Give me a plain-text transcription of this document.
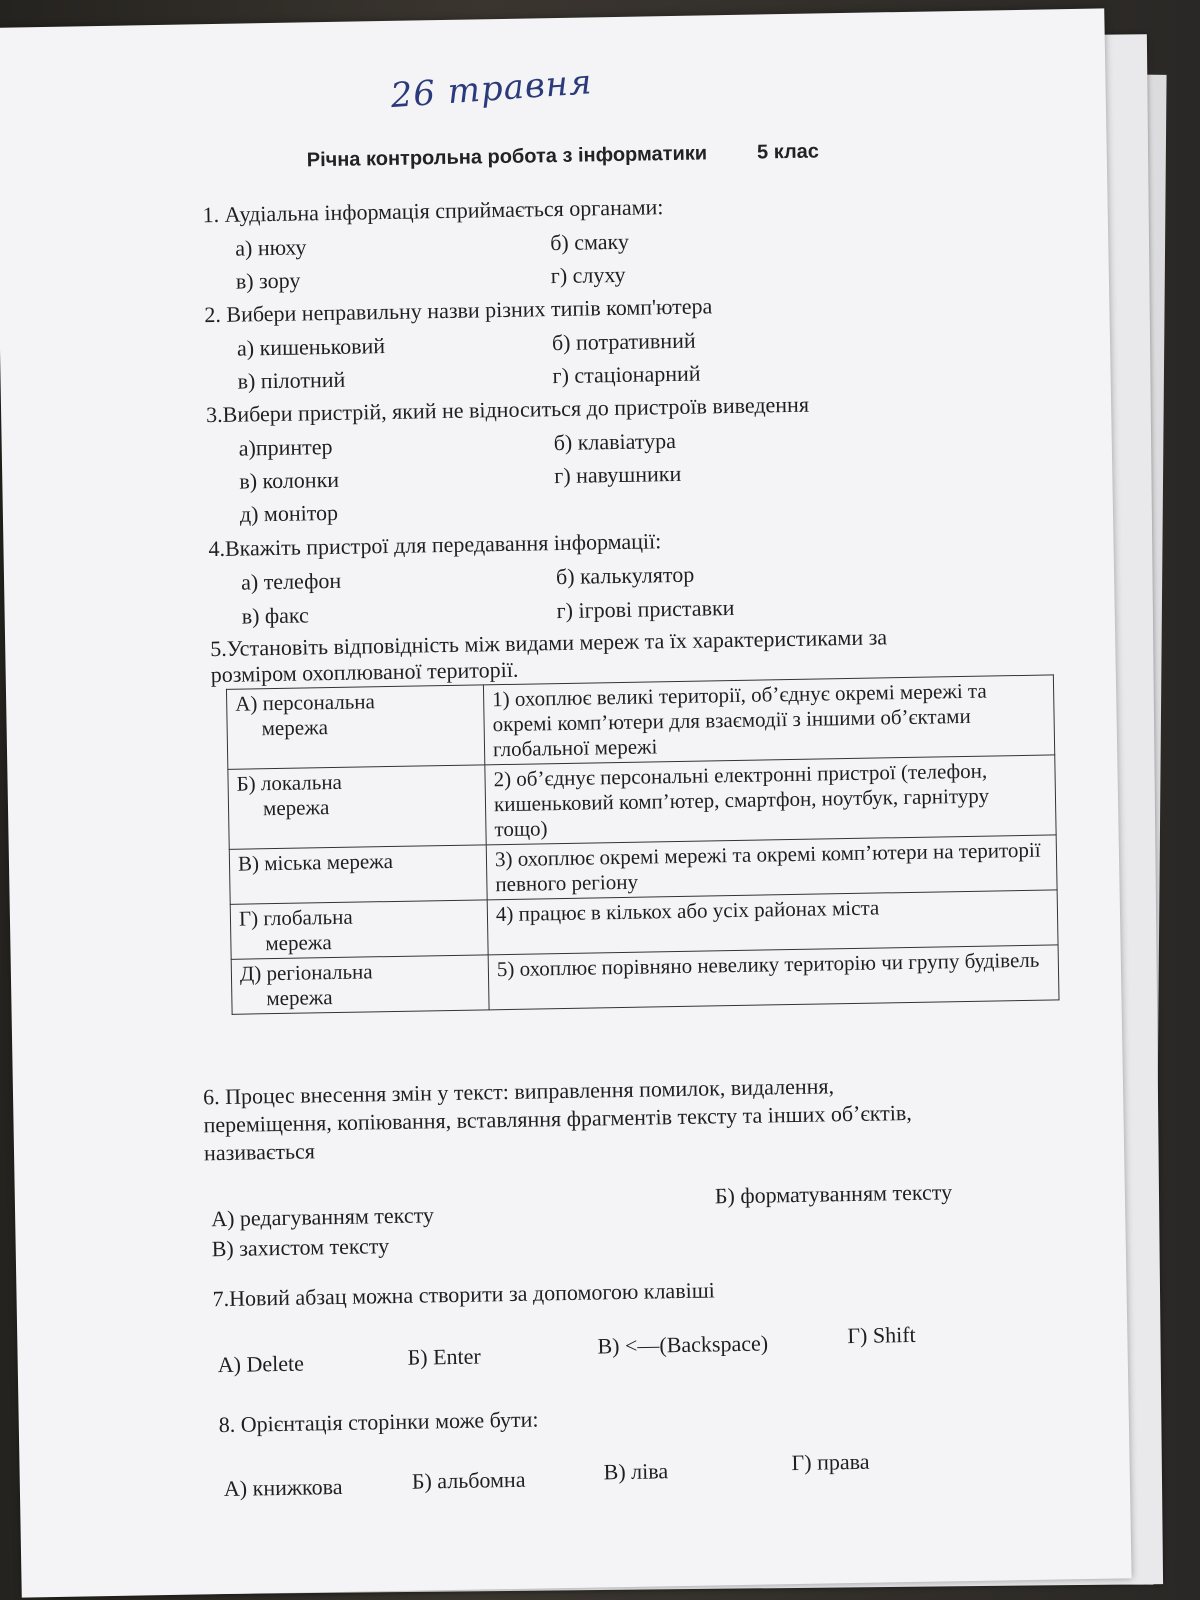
26 травня
Річна контрольна робота з інформатики 5 клас
1. Аудіальна інформація сприймається органами:
а) нюху	б) смаку
в) зору	г) слуху
2. Вибери неправильну назви різних типів комп'ютера
а) кишеньковий	б) потративний
в) пілотний	г) стаціонарний
3.Вибери пристрій, який не відноситься до пристроїв виведення
а)принтер	б) клавіатура
в) колонки	г) навушники
д) монітор
4.Вкажіть пристрої для передавання інформації:
а) телефон	б) калькулятор
в) факс	г) ігрові приставки
5.Установіть відповідність між видами мереж та їх характеристиками за
розміром охоплюваної території.
А) персональна
мережа	1) охоплює великі території, об’єднує окремі мережі та окремі комп’ютери для взаємодії з іншими об’єктами глобальної мережі
Б) локальна
мережа	2) об’єднує персональні електронні пристрої (телефон, кишеньковий комп’ютер, смартфон, ноутбук, гарнітуру тощо)
В) міська мережа	3) охоплює окремі мережі та окремі комп’ютери на території певного регіону
Г) глобальна
мережа	4) працює в кількох або усіх районах міста
Д) регіональна
мережа	5) охоплює порівняно невелику територію чи групу будівель
6. Процес внесення змін у текст: виправлення помилок, видалення,
переміщення, копіювання, вставляння фрагментів тексту та інших об’єктів,
називається
А) редагуванням тексту
Б) форматуванням тексту
В) захистом тексту
7.Новий абзац можна створити за допомогою клавіші
А) Delete	Б) Enter	В) <—(Backspace)	Г) Shift
8. Орієнтація сторінки може бути:
А) книжкова	Б) альбомна	В) ліва	Г) права
